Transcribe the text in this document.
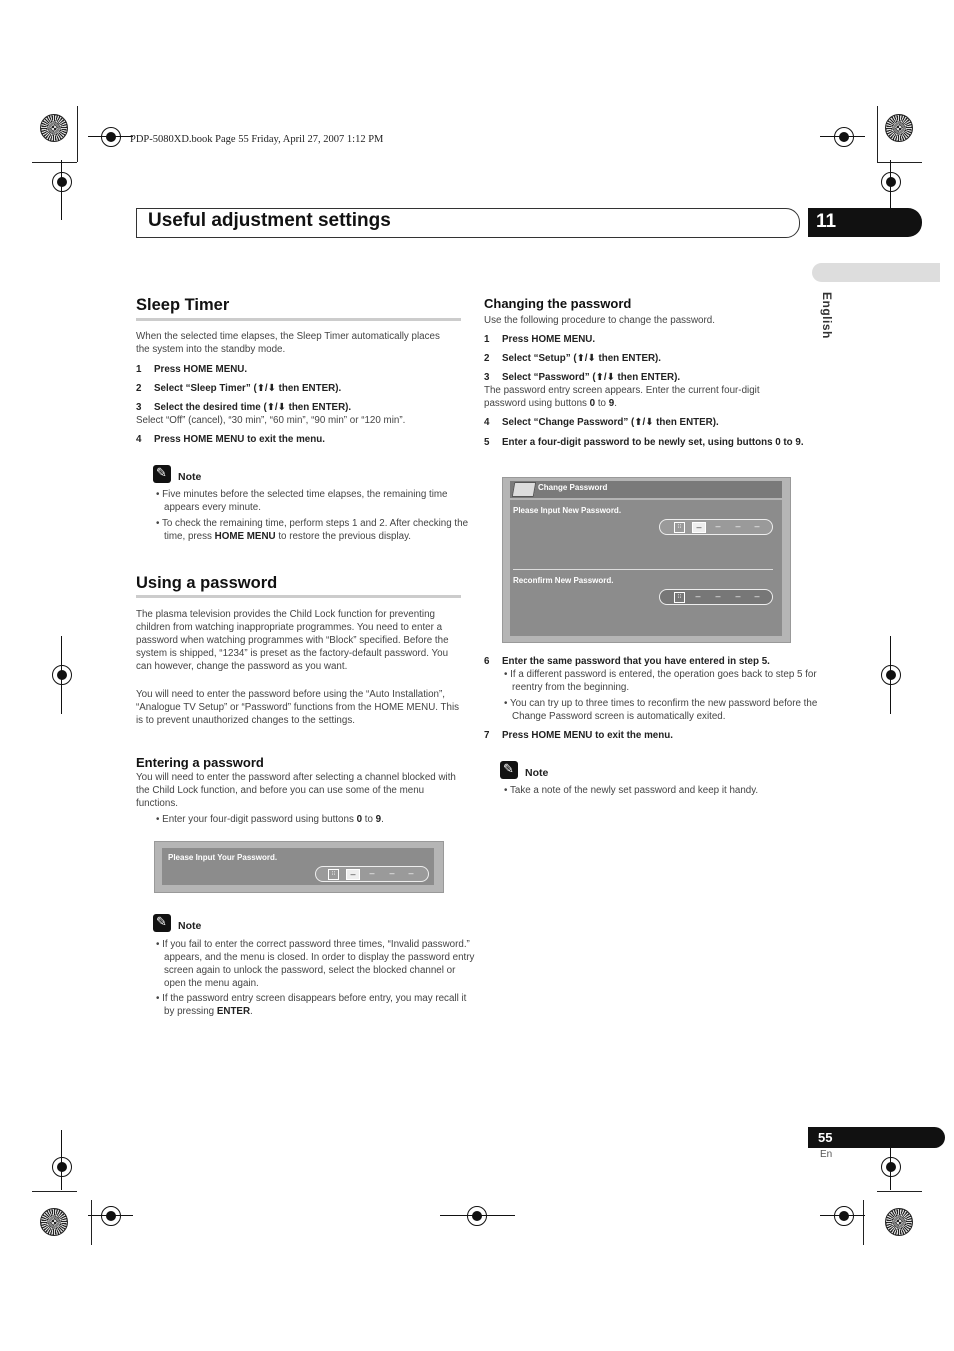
PDP-5080XD.book Page 55 Friday, April 27, 2007 1:12 PM
Useful adjustment settings	11
English
Sleep Timer

When the selected time elapses, the Sleep Timer automatically places the system into the standby mode.

1 Press HOME MENU.
2 Select “Sleep Timer” (⬆/⬇ then ENTER).
3 Select the desired time (⬆/⬇ then ENTER).

Select “Off” (cancel), “30 min”, “60 min”, “90 min” or “120 min”.

4 Press HOME MENU to exit the menu.
✎
Note
• Five minutes before the selected time elapses, the remaining time appears every minute.
• To check the remaining time, perform steps 1 and 2. After checking the time, press HOME MENU to restore the previous display.
Using a password

The plasma television provides the Child Lock function for preventing children from watching inappropriate programmes. You need to enter a password when watching programmes with “Block” specified. Before the system is shipped, “1234” is preset as the factory-default password. You can however, change the password as you want.

You will need to enter the password before using the “Auto Installation”, “Analogue TV Setup” or “Password” functions from the HOME MENU. This is to prevent unauthorized changes to the settings.

Entering a password

You will need to enter the password after selecting a channel blocked with the Child Lock function, and before you can use some of the menu functions.

• Enter your four-digit password using buttons 0 to 9.
Please Input Your Password.
⁝⁝	–	–	–	–
✎
Note
• If you fail to enter the correct password three times, “Invalid password.” appears, and the menu is closed. In order to display the password entry screen again to unlock the password, select the blocked channel or open the menu again.
• If the password entry screen disappears before entry, you may recall it by pressing ENTER.
Changing the password

Use the following procedure to change the password.

1 Press HOME MENU.
2 Select “Setup” (⬆/⬇ then ENTER).
3 Select “Password” (⬆/⬇ then ENTER).

The password entry screen appears. Enter the current four-digit password using buttons 0 to 9.

4 Select “Change Password” (⬆/⬇ then ENTER).
5 Enter a four-digit password to be newly set, using buttons 0 to 9.
Change Password
Please Input New Password.
⁝⁝	–	–	–	–
Reconfirm New Password.
⁝⁝	–	–	–	–
6 Enter the same password that you have entered in step 5.
• If a different password is entered, the operation goes back to step 5 for reentry from the beginning.
• You can try up to three times to reconfirm the new password before the Change Password screen is automatically exited.
7 Press HOME MENU to exit the menu.
✎
Note
• Take a note of the newly set password and keep it handy.
55
En
